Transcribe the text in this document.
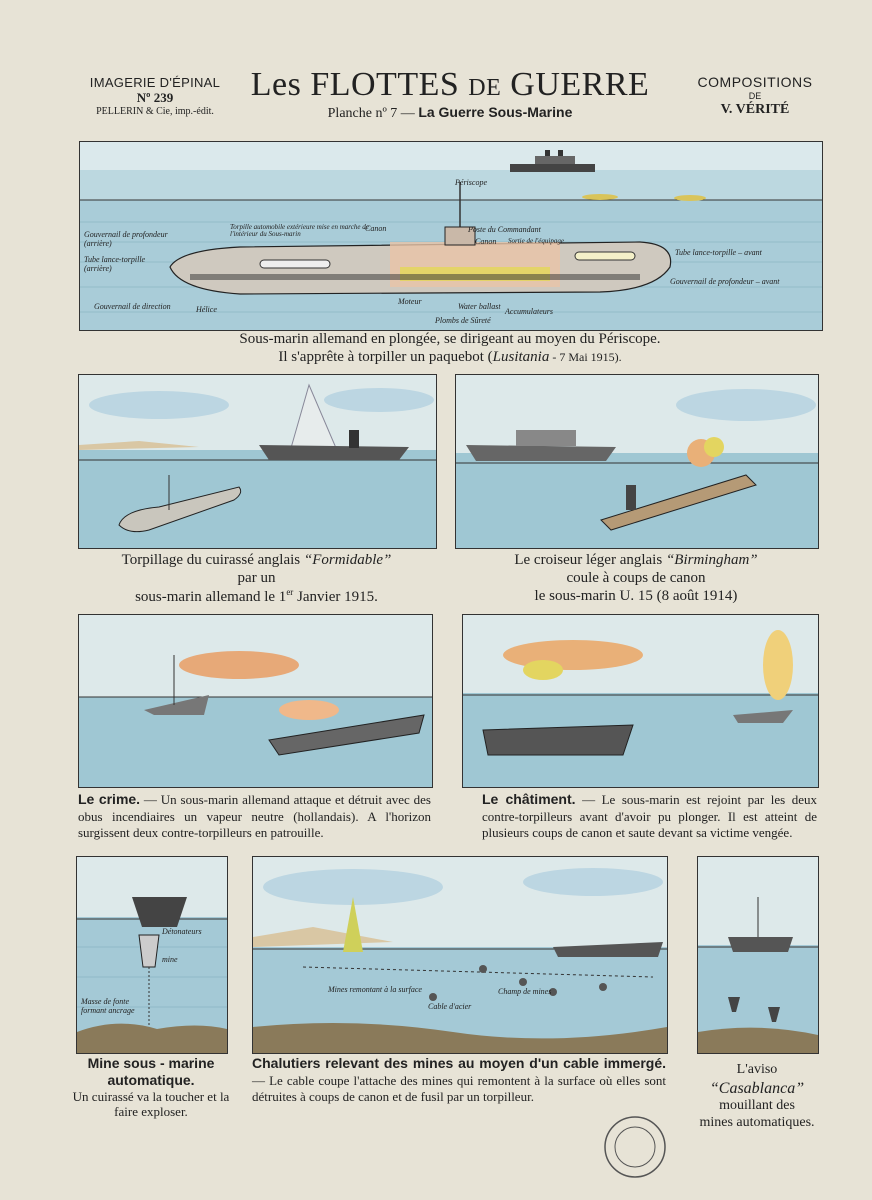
IMAGERIE D'ÉPINAL
Nº 239
PELLERIN & Cie, imp.-édit.
Les FLOTTES DE GUERRE
Planche nº 7 — La Guerre Sous-Marine
COMPOSITIONS
DE
V. VÉRITÉ
Périscope
Gouvernail de profondeur (arrière)
Tube lance-torpille (arrière)
Gouvernail de direction	Hélice
Torpille automobile extérieure mise en marche de l'intérieur du Sous-marin
Canon
Moteur
Poste du Commandant
Canon Sortie de l'équipage
Water ballast
Accumulateurs
Plombs de Sûreté
Tube lance-torpille – avant
Gouvernail de profondeur – avant
Sous-marin allemand en plongée, se dirigeant au moyen du Périscope.
Il s'apprête à torpiller un paquebot (Lusitania - 7 Mai 1915).
Torpillage du cuirassé anglais “Formidable”
par un
sous-marin allemand le 1er Janvier 1915.
Le croiseur léger anglais “Birmingham”
coule à coups de canon
le sous-marin U. 15 (8 août 1914)
Le crime. — Un sous-marin allemand attaque et détruit avec des obus incendiaires un vapeur neutre (hollandais). A l'horizon surgissent deux contre-torpilleurs en patrouille.
Le châtiment. — Le sous-marin est rejoint par les deux contre-torpilleurs avant d'avoir pu plonger. Il est atteint de plusieurs coups de canon et saute devant sa victime vengée.
Détonateurs
mine
Masse de fonte formant ancrage
Mine sous - marine automatique.
Un cuirassé va la toucher et la faire exploser.
Mines remontant à la surface
Cable d'acier
Champ de mines
Chalutiers relevant des mines au moyen d'un cable immergé. — Le cable coupe l'attache des mines qui remontent à la surface où elles sont détruites à coups de canon et de fusil par un torpilleur.
L'aviso
“Casablanca”
mouillant des
mines automatiques.
